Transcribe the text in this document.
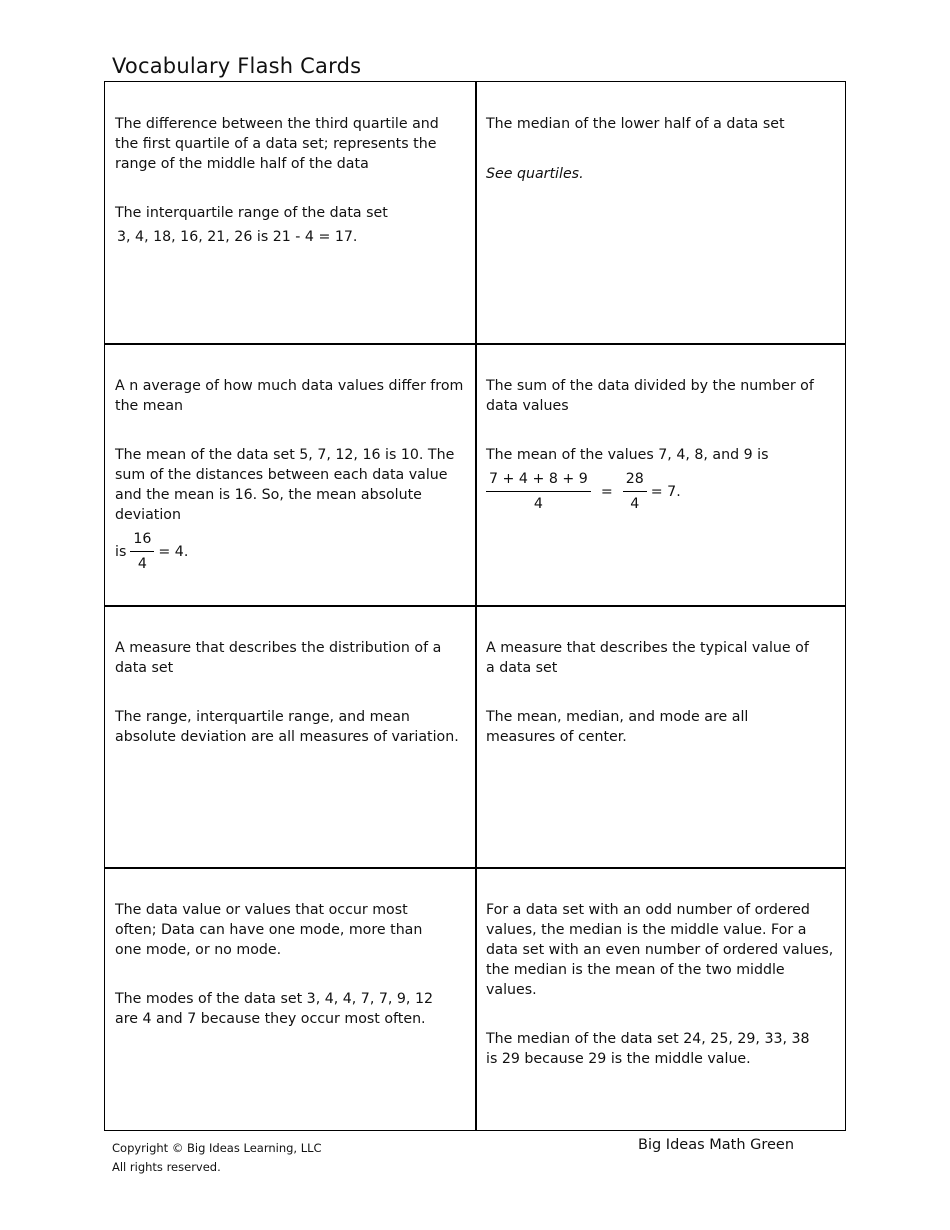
Vocabulary Flash Cards
The difference between the third quartile and the first quartile of a data set; represents the range of the middle half of the data
The interquartile range of the data set
3, 4, 18, 16, 21, 26 is 21 - 4 = 17.
The median of the lower half of a data set
See quartiles.
A n average of how much data values differ from the mean
The mean of the data set 5, 7, 12, 16 is 10. The sum of the distances between each data value and the mean is 16. So, the mean absolute deviation
is $\frac{16}{4} = 4$.
The sum of the data divided by the number of data values
The mean of the values 7, 4, 8, and 9 is
$\frac{7 + 4 + 8 + 9}{4} = \frac{28}{4} = 7$.
A measure that describes the distribution of a data set
The range, interquartile range, and mean absolute deviation are all measures of variation.
A measure that describes the typical value of a data set
The mean, median, and mode are all measures of center.
The data value or values that occur most often; Data can have one mode, more than one mode, or no mode.
The modes of the data set 3, 4, 4, 7, 7, 9, 12 are 4 and 7 because they occur most often.
For a data set with an odd number of ordered values, the median is the middle value. For a data set with an even number of ordered values, the median is the mean of the two middle values.
The median of the data set 24, 25, 29, 33, 38 is 29 because 29 is the middle value.
Copyright © Big Ideas Learning, LLC
All rights reserved.
Big Ideas Math Green
